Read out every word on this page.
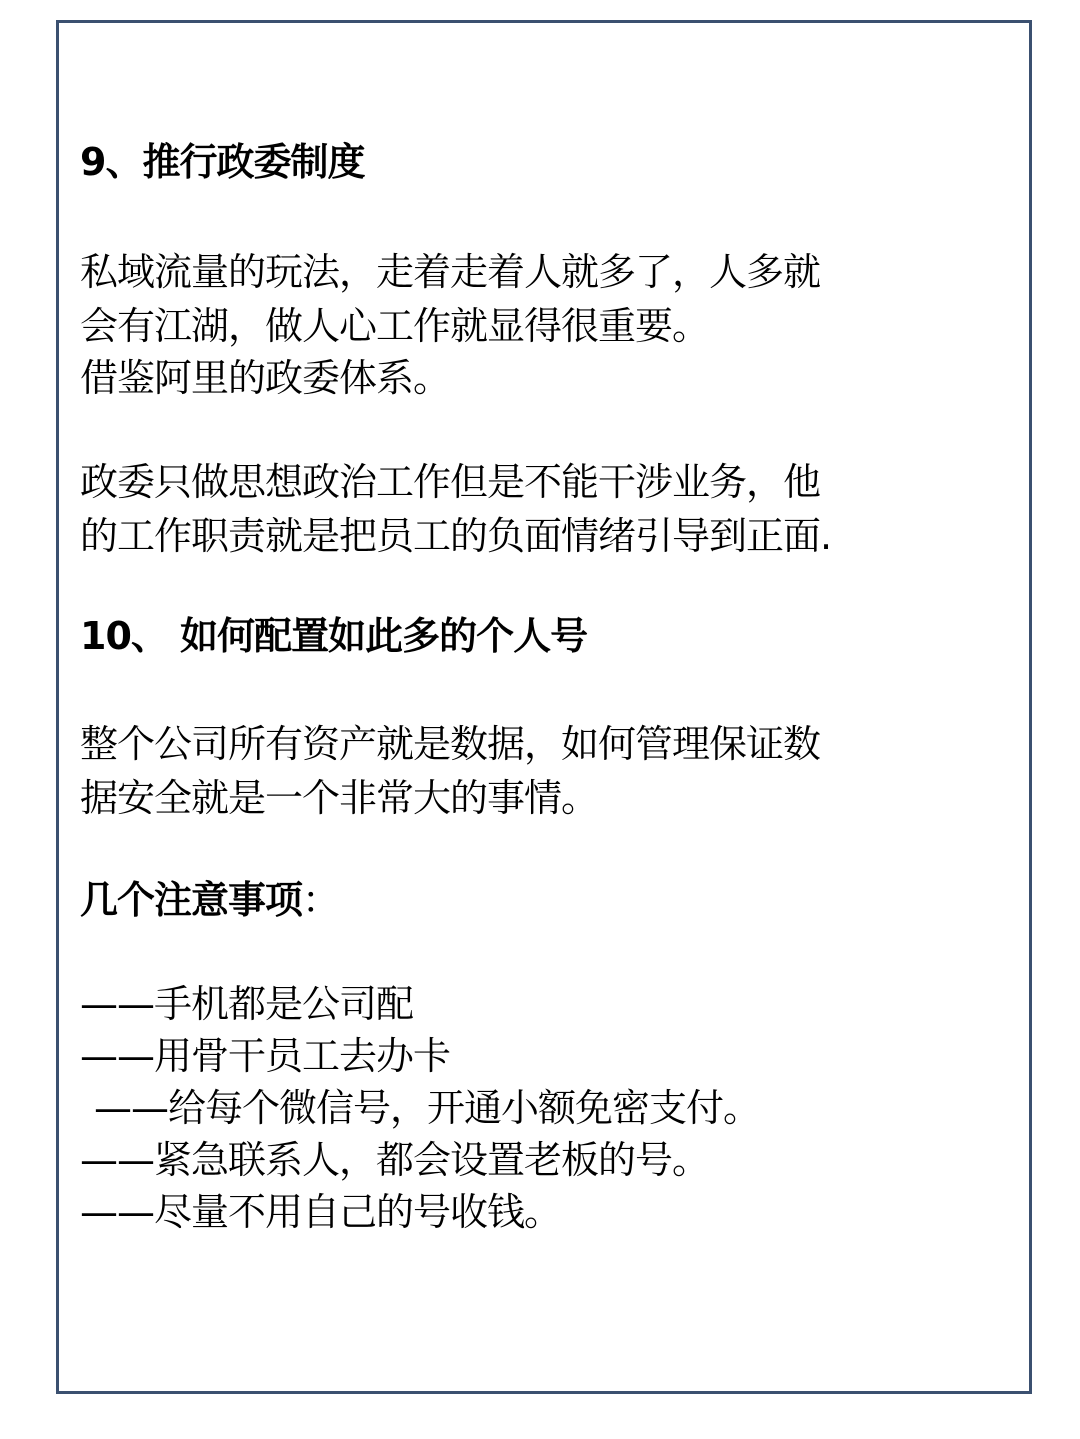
9、推行政委制度
私域流量的玩法，走着走着人就多了，人多就
会有江湖，做人心工作就显得很重要。
借鉴阿里的政委体系。
政委只做思想政治工作但是不能干涉业务，他
的工作职责就是把员工的负面情绪引导到正面.
10、 如何配置如此多的个人号
整个公司所有资产就是数据，如何管理保证数
据安全就是一个非常大的事情。
几个注意事项：
——手机都是公司配
——用骨干员工去办卡
——给每个微信号，开通小额免密支付。
——紧急联系人，都会设置老板的号。
——尽量不用自己的号收钱。
